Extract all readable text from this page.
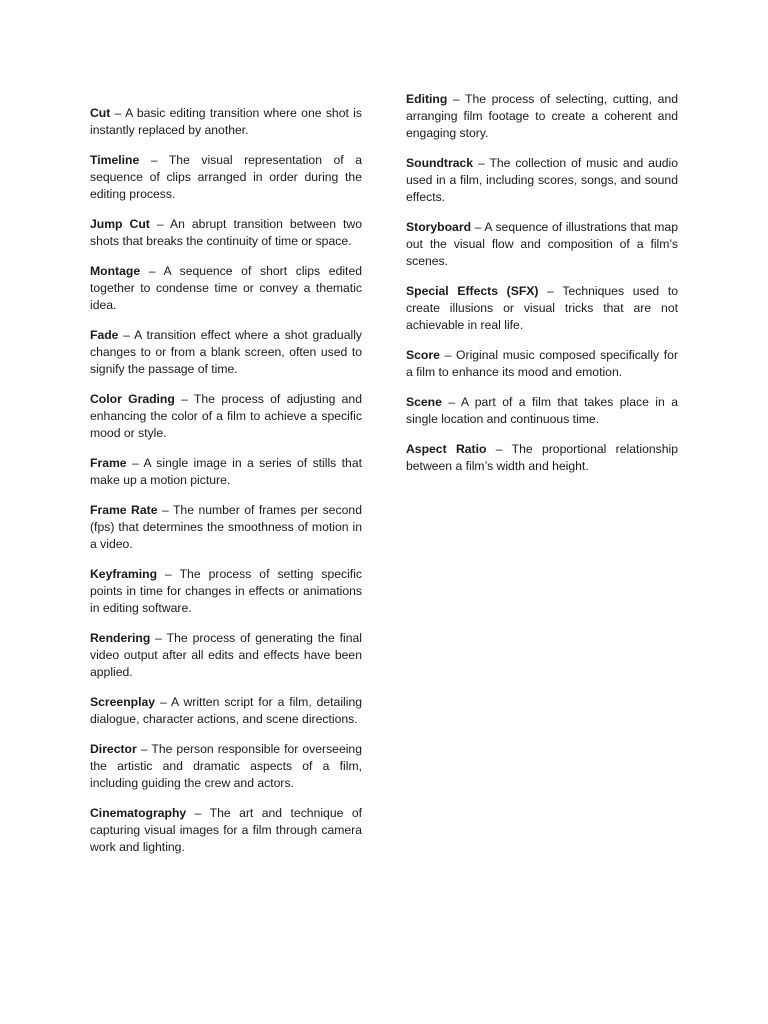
Cut – A basic editing transition where one shot is instantly replaced by another.

Timeline – The visual representation of a sequence of clips arranged in order during the editing process.

Jump Cut – An abrupt transition between two shots that breaks the continuity of time or space.

Montage – A sequence of short clips edited together to condense time or convey a thematic idea.

Fade – A transition effect where a shot gradually changes to or from a blank screen, often used to signify the passage of time.

Color Grading – The process of adjusting and enhancing the color of a film to achieve a specific mood or style.

Frame – A single image in a series of stills that make up a motion picture.

Frame Rate – The number of frames per second (fps) that determines the smoothness of motion in a video.

Keyframing – The process of setting specific points in time for changes in effects or animations in editing software.

Rendering – The process of generating the final video output after all edits and effects have been applied.

Screenplay – A written script for a film, detailing dialogue, character actions, and scene directions.

Director – The person responsible for overseeing the artistic and dramatic aspects of a film, including guiding the crew and actors.

Cinematography – The art and technique of capturing visual images for a film through camera work and lighting.

Editing – The process of selecting, cutting, and arranging film footage to create a coherent and engaging story.

Soundtrack – The collection of music and audio used in a film, including scores, songs, and sound effects.

Storyboard – A sequence of illustrations that map out the visual flow and composition of a film’s scenes.

Special Effects (SFX) – Techniques used to create illusions or visual tricks that are not achievable in real life.

Score – Original music composed specifically for a film to enhance its mood and emotion.

Scene – A part of a film that takes place in a single location and continuous time.

Aspect Ratio – The proportional relationship between a film’s width and height.
